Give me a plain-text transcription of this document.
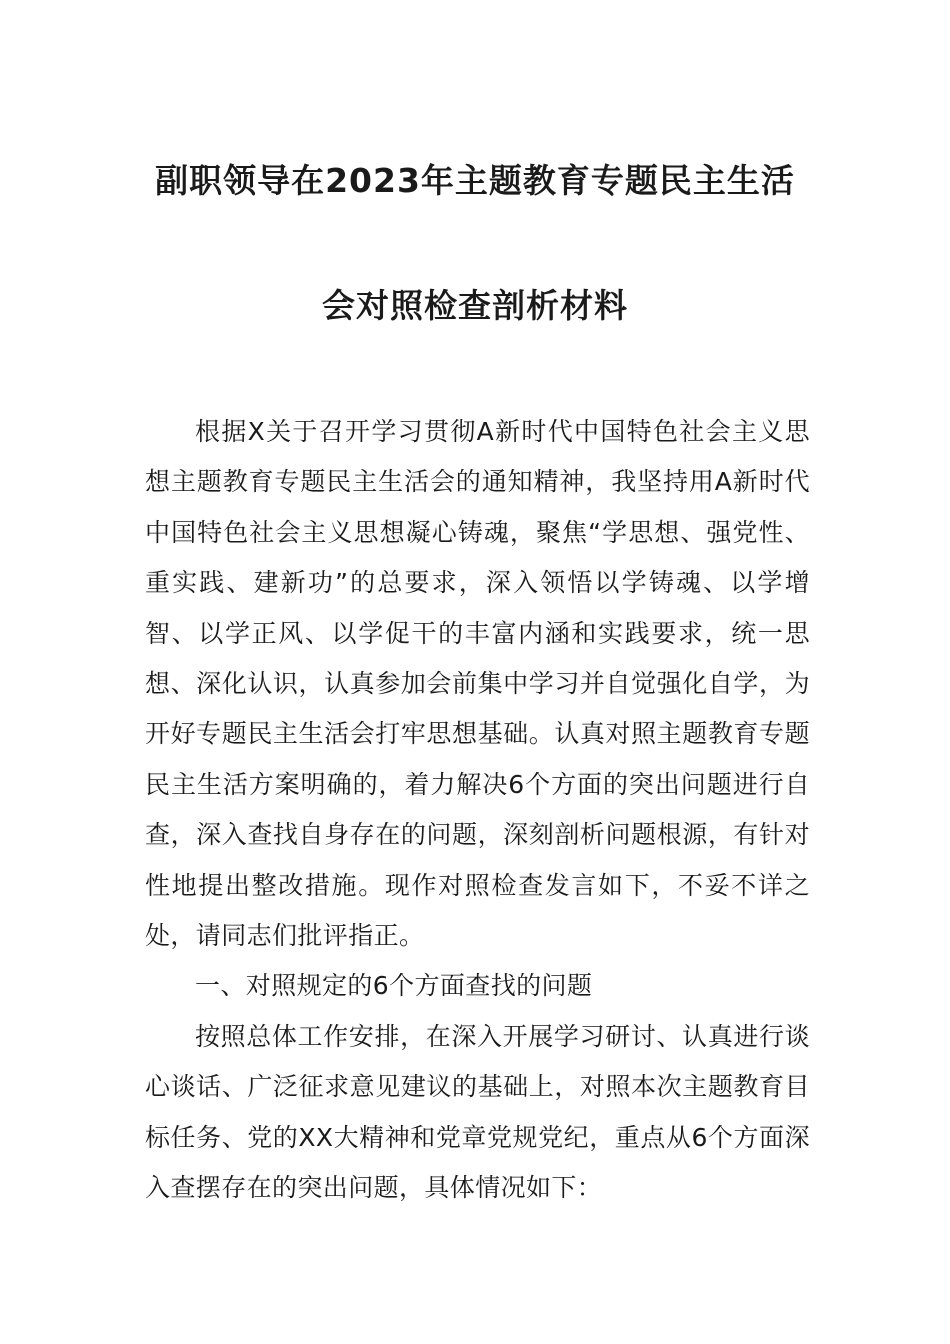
副职领导在2023年主题教育专题民主生活
会对照检查剖析材料

根据X关于召开学习贯彻A新时代中国特色社会主义思想主题教育专题民主生活会的通知精神，我坚持用A新时代中国特色社会主义思想凝心铸魂，聚焦“学思想、强党性、重实践、建新功”的总要求，深入领悟以学铸魂、以学增智、以学正风、以学促干的丰富内涵和实践要求，统一思想、深化认识，认真参加会前集中学习并自觉强化自学，为开好专题民主生活会打牢思想基础。认真对照主题教育专题民主生活方案明确的，着力解决6个方面的突出问题进行自查，深入查找自身存在的问题，深刻剖析问题根源，有针对性地提出整改措施。现作对照检查发言如下，不妥不详之处，请同志们批评指正。

一、对照规定的6个方面查找的问题

按照总体工作安排，在深入开展学习研讨、认真进行谈心谈话、广泛征求意见建议的基础上，对照本次主题教育目标任务、党的XX大精神和党章党规党纪，重点从6个方面深入查摆存在的突出问题，具体情况如下：
